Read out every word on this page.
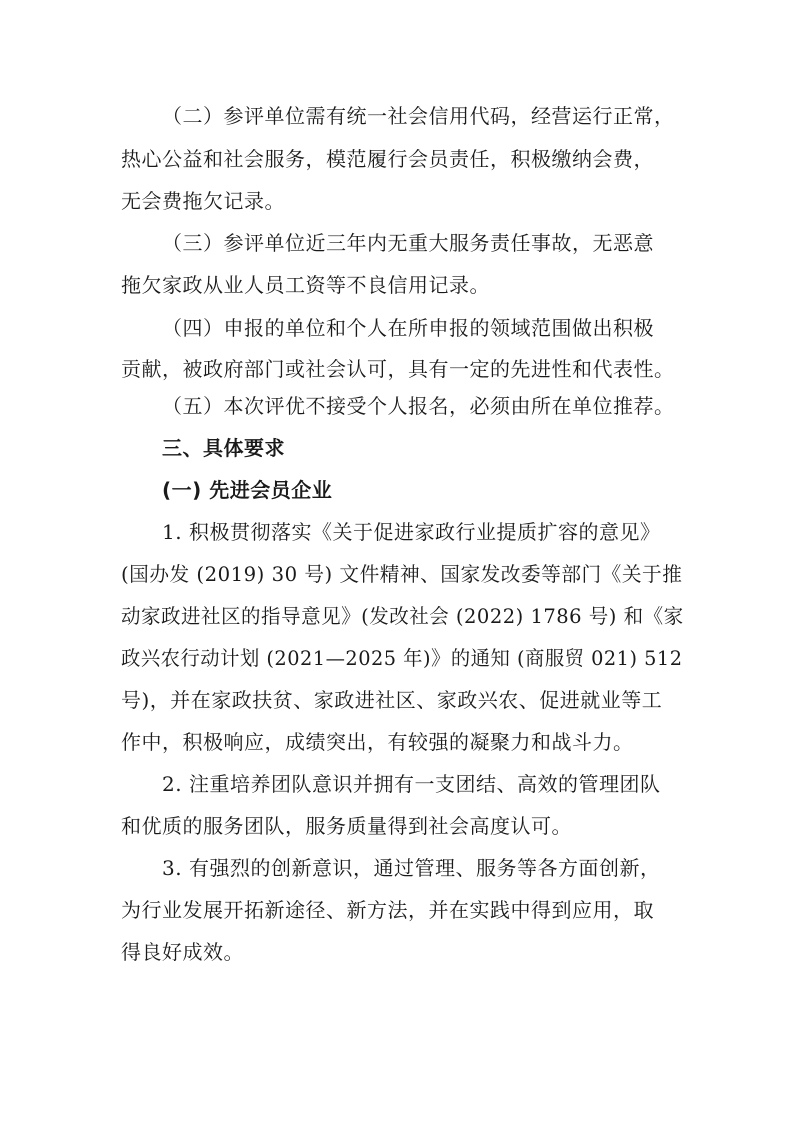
（二）参评单位需有统一社会信用代码，经营运行正常，
热心公益和社会服务，模范履行会员责任，积极缴纳会费，
无会费拖欠记录。
（三）参评单位近三年内无重大服务责任事故，无恶意
拖欠家政从业人员工资等不良信用记录。
（四）申报的单位和个人在所申报的领域范围做出积极
贡献，被政府部门或社会认可，具有一定的先进性和代表性。
（五）本次评优不接受个人报名，必须由所在单位推荐。
三、具体要求
(一) 先进会员企业
1. 积极贯彻落实《关于促进家政行业提质扩容的意见》
(国办发 (2019) 30 号) 文件精神、国家发改委等部门《关于推
动家政进社区的指导意见》(发改社会 (2022) 1786 号) 和《家
政兴农行动计划 (2021—2025 年)》的通知 (商服贸 021) 512
号)，并在家政扶贫、家政进社区、家政兴农、促进就业等工
作中，积极响应，成绩突出，有较强的凝聚力和战斗力。
2. 注重培养团队意识并拥有一支团结、高效的管理团队
和优质的服务团队，服务质量得到社会高度认可。
3. 有强烈的创新意识，通过管理、服务等各方面创新，
为行业发展开拓新途径、新方法，并在实践中得到应用，取
得良好成效。
